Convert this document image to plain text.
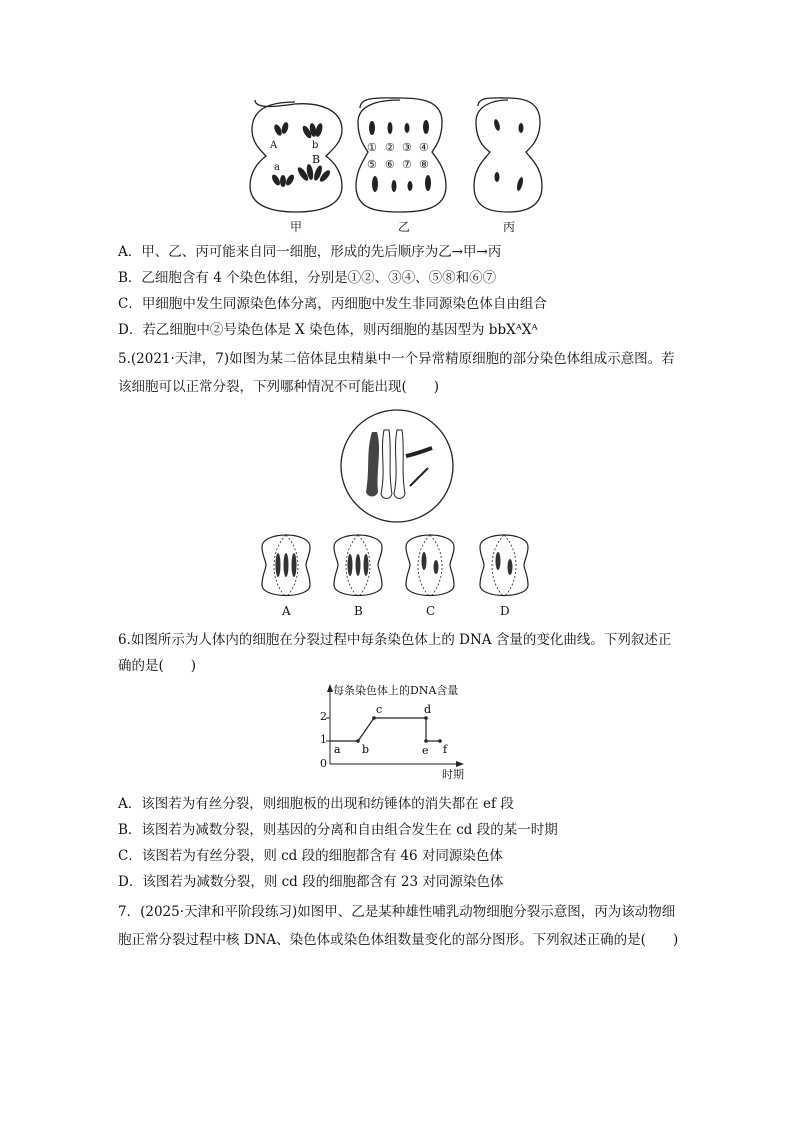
A	b
a
B
① ② ③ ④
⑤ ⑥ ⑦ ⑧
甲	乙	丙
A．甲、乙、丙可能来自同一细胞，形成的先后顺序为乙→甲→丙
B．乙细胞含有 4 个染色体组，分别是①②、③④、⑤⑧和⑥⑦
C．甲细胞中发生同源染色体分离，丙细胞中发生非同源染色体自由组合
D．若乙细胞中②号染色体是 X 染色体，则丙细胞的基因型为 bbXᴬXᴬ
5.(2021·天津，7)如图为某二倍体昆虫精巢中一个异常精原细胞的部分染色体组成示意图。若
该细胞可以正常分裂，下列哪种情况不可能出现(　　)
A	B	C	D
6.如图所示为人体内的细胞在分裂过程中每条染色体上的 DNA 含量的变化曲线。下列叙述正
确的是(　　)
a b
c	d
e f
每条染色体上的DNA含量
时期
0
1
2
A．该图若为有丝分裂，则细胞板的出现和纺锤体的消失都在 ef 段
B．该图若为减数分裂，则基因的分离和自由组合发生在 cd 段的某一时期
C．该图若为有丝分裂，则 cd 段的细胞都含有 46 对同源染色体
D．该图若为减数分裂，则 cd 段的细胞都含有 23 对同源染色体
7．(2025·天津和平阶段练习)如图甲、乙是某种雄性哺乳动物细胞分裂示意图，丙为该动物细
胞正常分裂过程中核 DNA、染色体或染色体组数量变化的部分图形。下列叙述正确的是(　　)
